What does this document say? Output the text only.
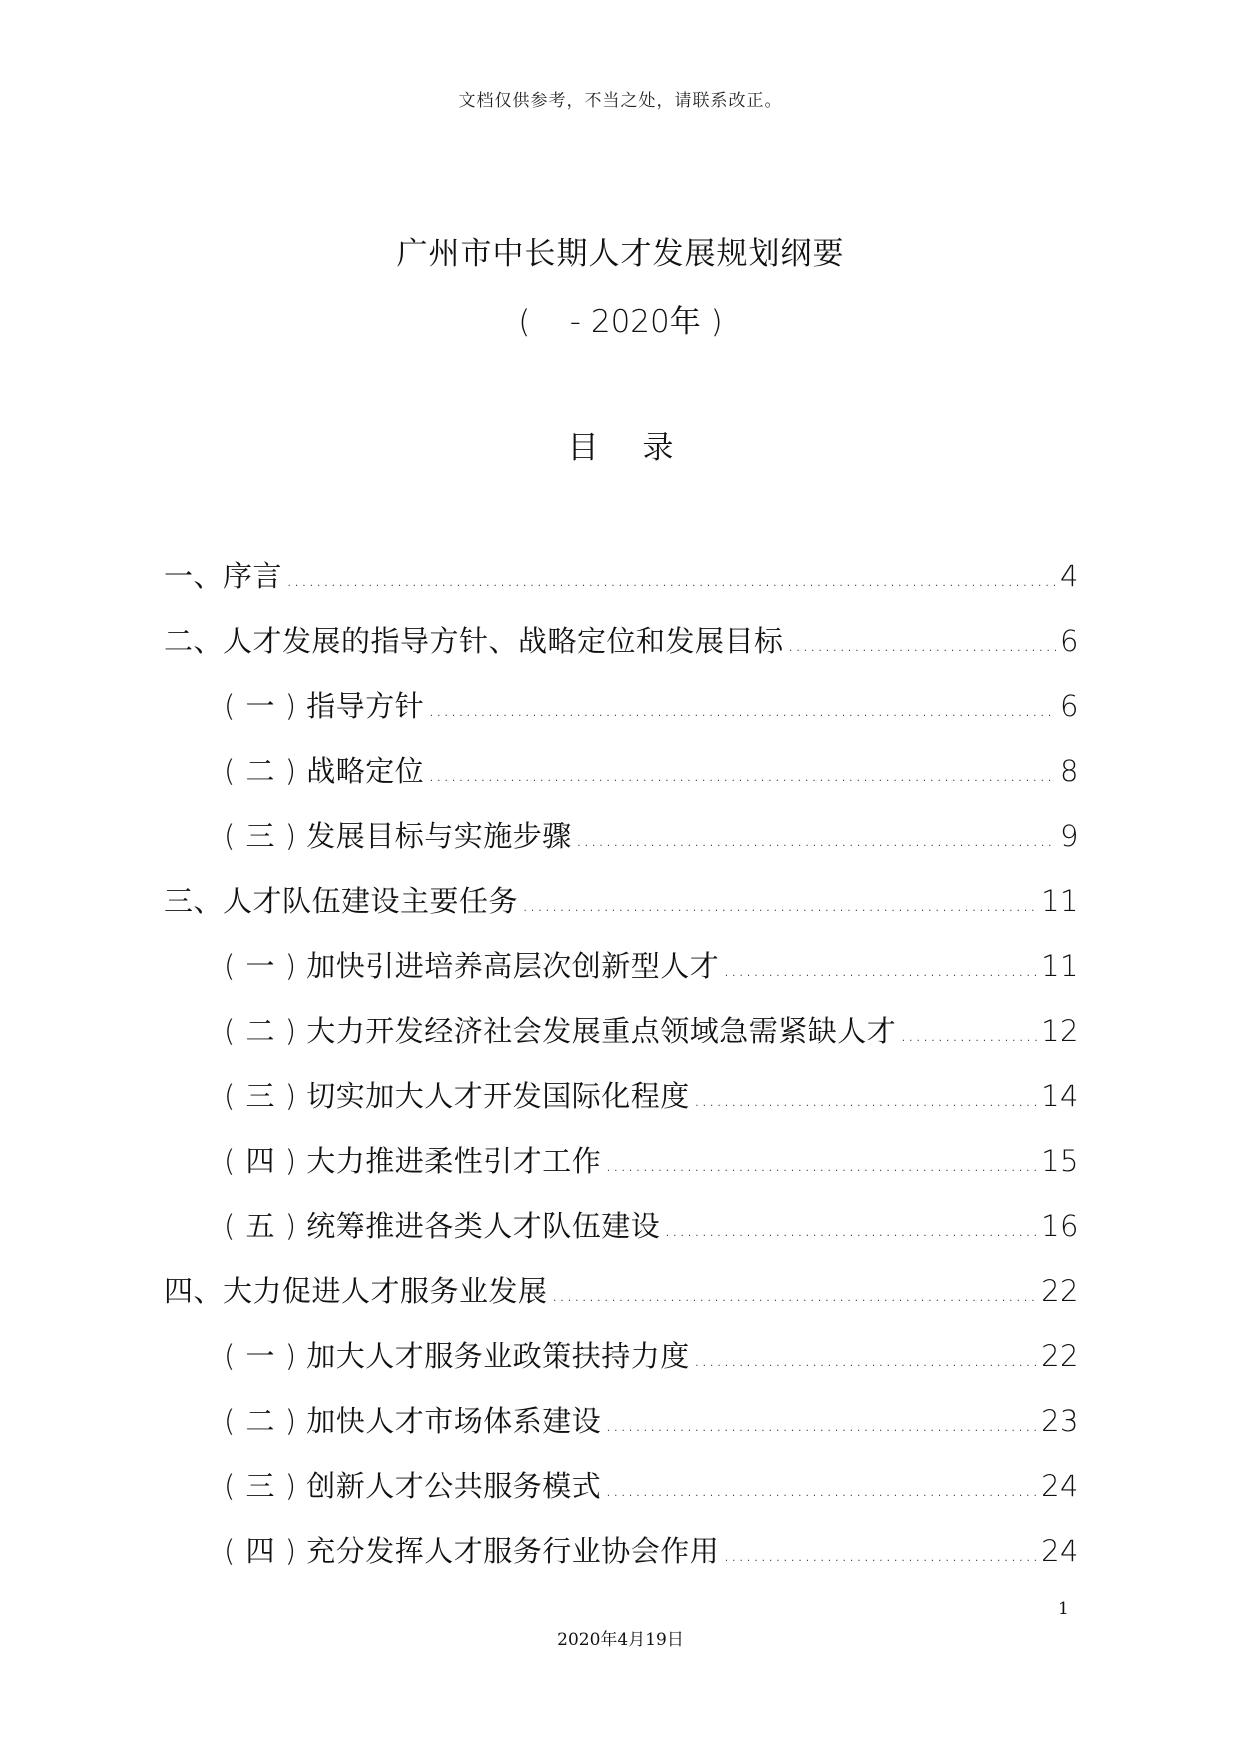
文档仅供参考，不当之处，请联系改正。
广州市中长期人才发展规划纲要
(    - 2020年 )
目录
一、序言 .....	4
二、人才发展的指导方针、战略定位和发展目标 .....	6
( 一 ) 指导方针 .....	6
( 二 ) 战略定位 .....	8
( 三 ) 发展目标与实施步骤 .....	9
三、人才队伍建设主要任务 .....	11
( 一 ) 加快引进培养高层次创新型人才 .....	11
( 二 ) 大力开发经济社会发展重点领域急需紧缺人才 .....	12
( 三 ) 切实加大人才开发国际化程度 .....	14
( 四 ) 大力推进柔性引才工作 .....	15
( 五 ) 统筹推进各类人才队伍建设 .....	16
四、大力促进人才服务业发展 .....	22
( 一 ) 加大人才服务业政策扶持力度 .....	22
( 二 ) 加快人才市场体系建设 .....	23
( 三 ) 创新人才公共服务模式 .....	24
( 四 ) 充分发挥人才服务行业协会作用 .....	24
1
2020年4月19日
